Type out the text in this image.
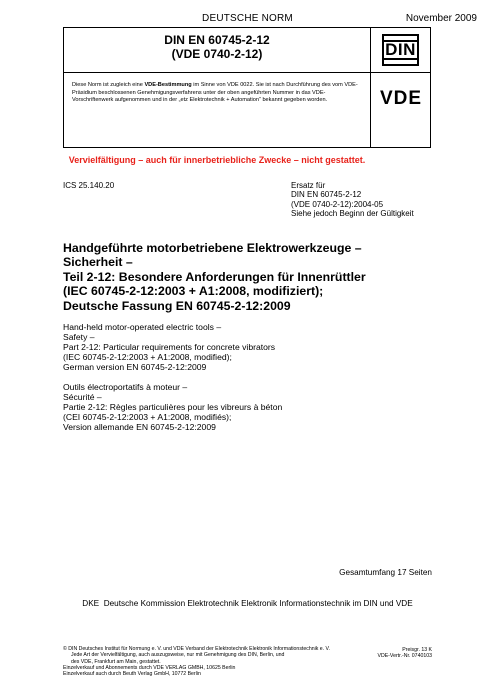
DEUTSCHE NORM	November 2009
DIN EN 60745-2-12
(VDE 0740-2-12)	DIN
Diese Norm ist zugleich eine VDE-Bestimmung im Sinne von VDE 0022. Sie ist nach Durchführung des vom VDE-Präsidium beschlossenen Genehmigungsverfahrens unter der oben angeführten Nummer in das VDE-Vorschriftenwerk aufgenommen und in der „etz Elektrotechnik + Automation“ bekannt gegeben worden.	VDE
Vervielfältigung – auch für innerbetriebliche Zwecke – nicht gestattet.
ICS 25.140.20	Ersatz für
DIN EN 60745-2-12
(VDE 0740-2-12):2004-05
Siehe jedoch Beginn der Gültigkeit
Handgeführte motorbetriebene Elektrowerkzeuge –
Sicherheit –
Teil 2-12: Besondere Anforderungen für Innenrüttler
(IEC 60745-2-12:2003 + A1:2008, modifiziert);
Deutsche Fassung EN 60745-2-12:2009
Hand-held motor-operated electric tools –
Safety –
Part 2-12: Particular requirements for concrete vibrators
(IEC 60745-2-12:2003 + A1:2008, modified);
German version EN 60745-2-12:2009
Outils électroportatifs à moteur –
Sécurité –
Partie 2-12: Règles particulières pour les vibreurs à béton
(CEI 60745-2-12:2003 + A1:2008, modifiés);
Version allemande EN 60745-2-12:2009
Gesamtumfang 17 Seiten
DKE Deutsche Kommission Elektrotechnik Elektronik Informationstechnik im DIN und VDE
© DIN Deutsches Institut für Normung e. V. und VDE Verband der Elektrotechnik Elektronik Informationstechnik e. V.
Jede Art der Vervielfältigung, auch auszugsweise, nur mit Genehmigung des DIN, Berlin, und
des VDE, Frankfurt am Main, gestattet.
Einzelverkauf und Abonnements durch VDE VERLAG GMBH, 10625 Berlin
Einzelverkauf auch durch Beuth Verlag GmbH, 10772 Berlin
Preisgr. 13 K
VDE-Vertr.-Nr. 0740103
